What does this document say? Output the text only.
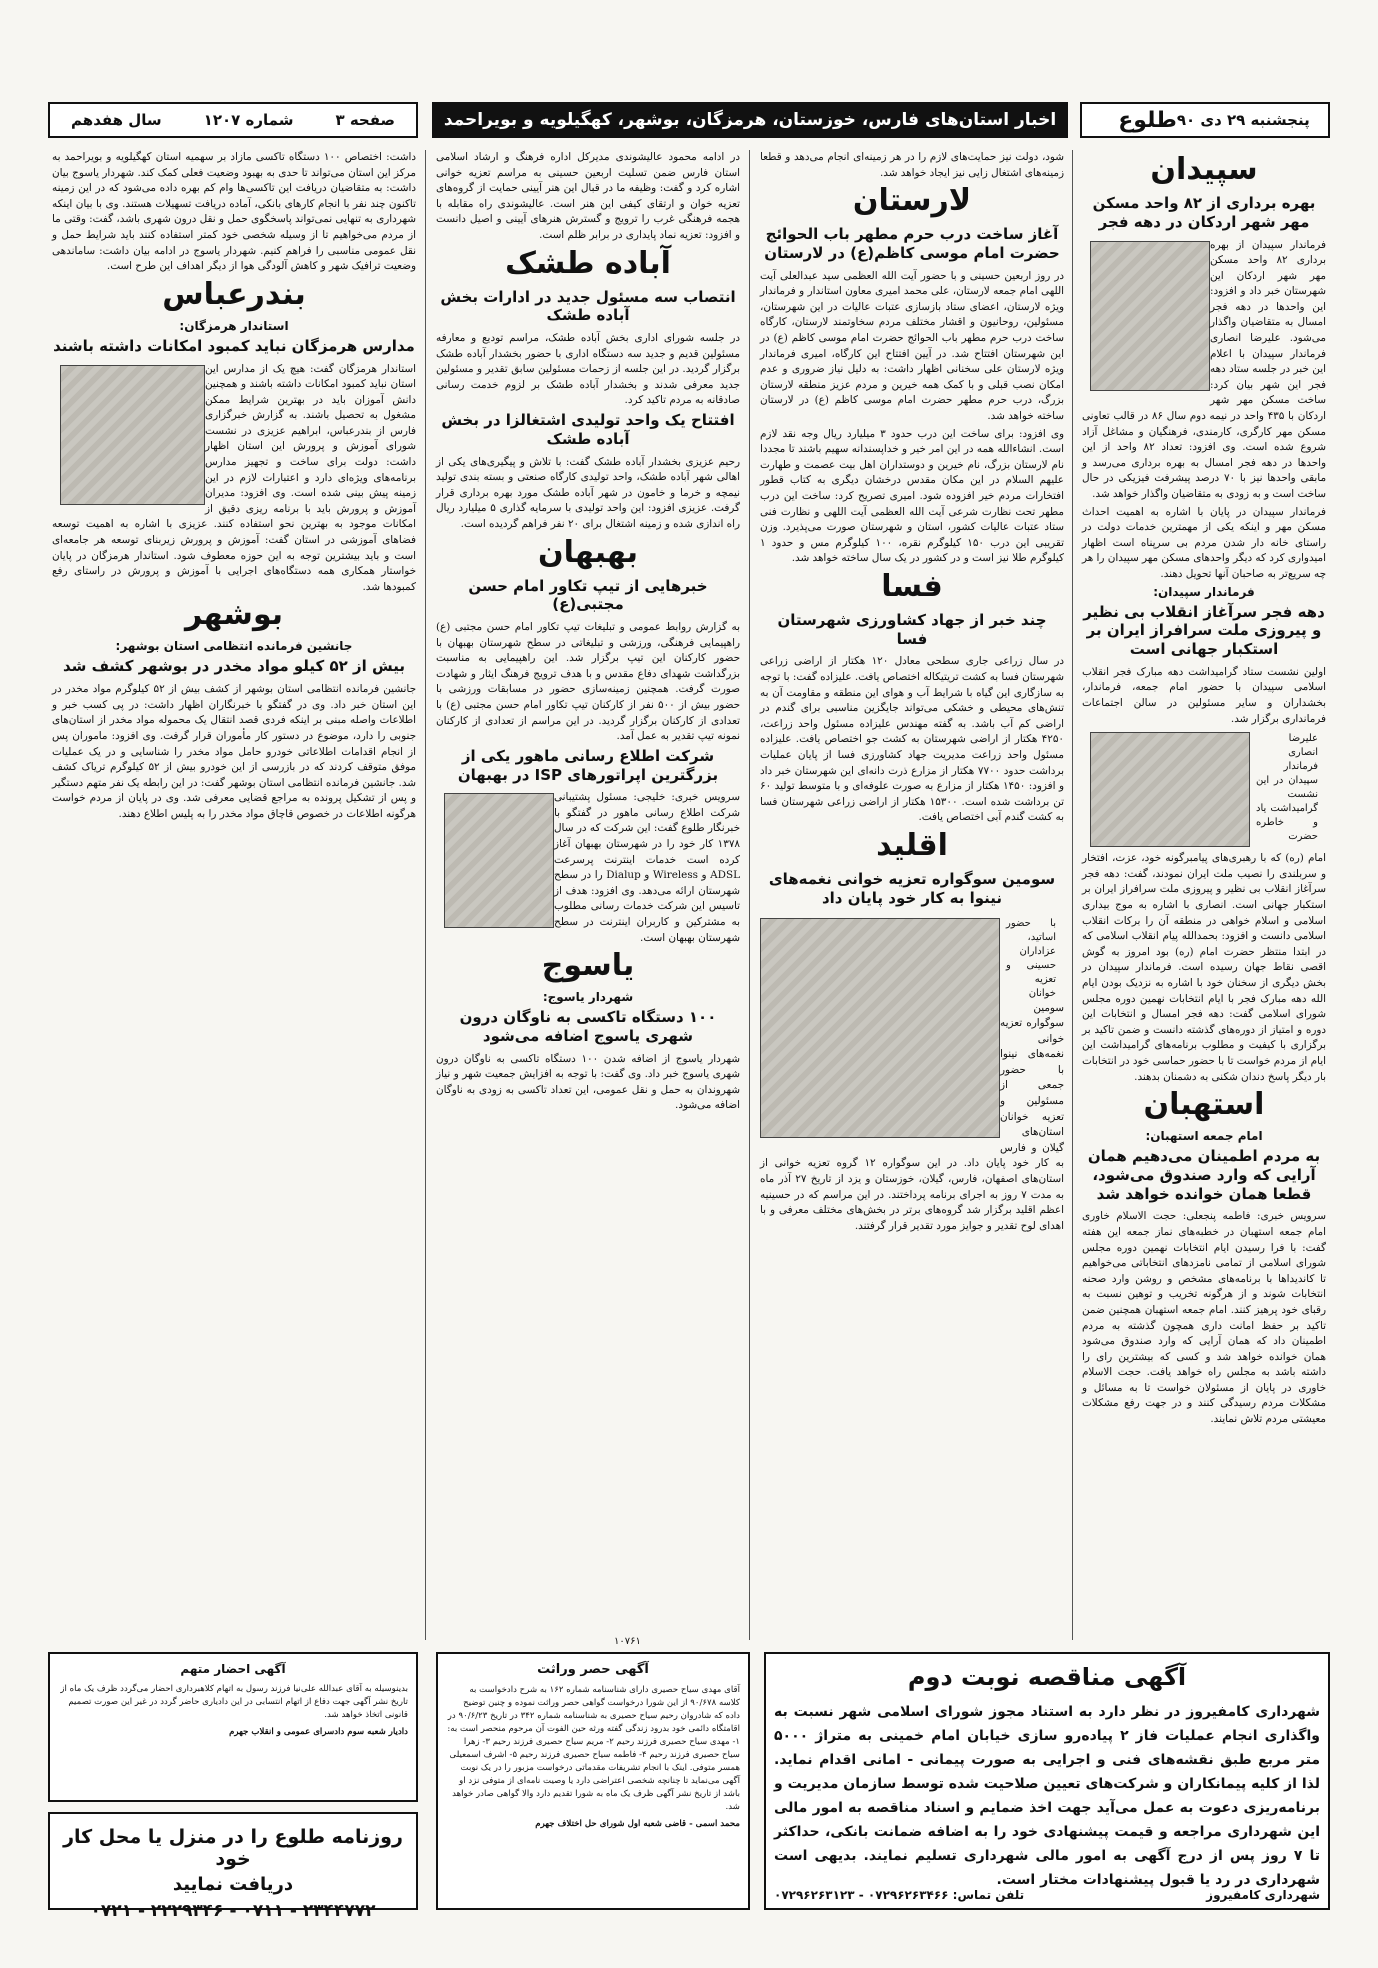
پنجشنبه ۲۹ دی ۹۰
طلوع
اخبار استان‌های فارس، خوزستان، هرمزگان، بوشهر، کهگیلویه و بویراحمد
صفحه ۳
شماره ۱۲۰۷
سال هفدهم
سپیدان
بهره برداری از ۸۲ واحد مسکن مهر شهر اردکان در دهه فجر

فرماندار سپیدان از بهره برداری ۸۲ واحد مسکن مهر شهر اردکان این شهرستان خبر داد و افزود: این واحدها در دهه فجر امسال به متقاضیان واگذار می‌شود. علیرضا انصاری فرماندار سپیدان با اعلام این خبر در جلسه ستاد دهه فجر این شهر بیان کرد: ساخت مسکن مهر شهر اردکان با ۴۳۵ واحد در نیمه دوم سال ۸۶ در قالب تعاونی مسکن مهر کارگری، کارمندی، فرهنگیان و مشاغل آزاد شروع شده است. وی افزود: تعداد ۸۲ واحد از این واحدها در دهه فجر امسال به بهره برداری می‌رسد و مابقی واحدها نیز با ۷۰ درصد پیشرفت فیزیکی در حال ساخت است و به زودی به متقاضیان واگذار خواهد شد.

فرماندار سپیدان در پایان با اشاره به اهمیت احداث مسکن مهر و اینکه یکی از مهمترین خدمات دولت در راستای خانه دار شدن مردم بی سرپناه است اظهار امیدواری کرد که دیگر واحدهای مسکن مهر سپیدان را هر چه سریع‌تر به صاحبان آنها تحویل دهند.

فرماندار سپیدان:
دهه فجر سرآغاز انقلاب بی نظیر و پیروزی ملت سرافراز ایران بر استکبار جهانی است

اولین نشست ستاد گرامیداشت دهه مبارک فجر انقلاب اسلامی سپیدان با حضور امام جمعه، فرماندار، بخشداران و سایر مسئولین در سالن اجتماعات فرمانداری برگزار شد.

علیرضا انصاری فرماندار سپیدان در این نشست گرامیداشت یاد و خاطره حضرت

امام (ره) که با رهبری‌های پیامبرگونه خود، عزت، افتخار و سربلندی را نصیب ملت ایران نمودند، گفت: دهه فجر سرآغاز انقلاب بی نظیر و پیروزی ملت سرافراز ایران بر استکبار جهانی است. انصاری با اشاره به موج بیداری اسلامی و اسلام خواهی در منطقه آن را برکات انقلاب اسلامی دانست و افزود: بحمدالله پیام انقلاب اسلامی که در ابتدا منتظر حضرت امام (ره) بود امروز به گوش اقصی نقاط جهان رسیده است. فرماندار سپیدان در بخش دیگری از سخنان خود با اشاره به نزدیک بودن ایام الله دهه مبارک فجر با ایام انتخابات نهمین دوره مجلس شورای اسلامی گفت: دهه فجر امسال و انتخابات این دوره و امتیاز از دوره‌های گذشته دانست و ضمن تاکید بر برگزاری با کیفیت و مطلوب برنامه‌های گرامیداشت این ایام از مردم خواست تا با حضور حماسی خود در انتخابات بار دیگر پاسخ دندان شکنی به دشمنان بدهند.

استهبان
امام جمعه استهبان:
به مردم اطمینان می‌دهیم همان آرایی که وارد صندوق می‌شود، قطعا همان خوانده خواهد شد

سرویس خبری: فاطمه پنجعلی: حجت الاسلام خاوری امام جمعه استهبان در خطبه‌های نماز جمعه این هفته گفت: با فرا رسیدن ایام انتخابات نهمین دوره مجلس شورای اسلامی از تمامی نامزدهای انتخاباتی می‌خواهیم تا کاندیداها با برنامه‌های مشخص و روشن وارد صحنه انتخابات شوند و از هرگونه تخریب و توهین نسبت به رقبای خود پرهیز کنند. امام جمعه استهبان همچنین ضمن تاکید بر حفظ امانت داری همچون گذشته به مردم اطمینان داد که همان آرایی که وارد صندوق می‌شود همان خوانده خواهد شد و کسی که بیشترین رای را داشته باشد به مجلس راه خواهد یافت. حجت الاسلام خاوری در پایان از مسئولان خواست تا به مسائل و مشکلات مردم رسیدگی کنند و در جهت رفع مشکلات معیشتی مردم تلاش نمایند.

شود، دولت نیز حمایت‌های لازم را در هر زمینه‌ای انجام می‌دهد و قطعا زمینه‌های اشتغال زایی نیز ایجاد خواهد شد.

لارستان
آغاز ساخت درب حرم مطهر باب الحوائج حضرت امام موسی کاظم(ع) در لارستان

در روز اربعین حسینی و با حضور آیت الله العظمی سید عبدالعلی آیت اللهی امام جمعه لارستان، علی محمد امیری معاون استاندار و فرماندار ویژه لارستان، اعضای ستاد بازسازی عتبات عالیات در این شهرستان، مسئولین، روحانیون و اقشار مختلف مردم سخاوتمند لارستان، کارگاه ساخت درب حرم مطهر باب الحوائج حضرت امام موسی کاظم (ع) در این شهرستان افتتاح شد. در آیین افتتاح این کارگاه، امیری فرماندار ویژه لارستان علی سخنانی اظهار داشت: به دلیل نیاز ضروری و عدم امکان نصب قبلی و با کمک همه خیرین و مردم عزیز منطقه لارستان بزرگ، درب حرم مطهر حضرت امام موسی کاظم (ع) در لارستان ساخته خواهد شد.

وی افزود: برای ساخت این درب حدود ۳ میلیارد ریال وجه نقد لازم است. انشاءالله همه در این امر خیر و خداپسندانه سهیم باشند تا مجددا نام لارستان بزرگ، نام خیرین و دوستداران اهل بیت عصمت و طهارت علیهم السلام در این مکان مقدس درخشان دیگری به کتاب قطور افتخارات مردم خیر افزوده شود. امیری تصریح کرد: ساخت این درب مطهر تحت نظارت شرعی آیت الله العظمی آیت اللهی و نظارت فنی ستاد عتبات عالیات کشور، استان و شهرستان صورت می‌پذیرد. وزن تقریبی این درب ۱۵۰ کیلوگرم نقره، ۱۰۰ کیلوگرم مس و حدود ۱ کیلوگرم طلا نیز است و در کشور در یک سال ساخته خواهد شد.

فسا
چند خبر از جهاد کشاورزی شهرستان فسا

در سال زراعی جاری سطحی معادل ۱۲۰ هکتار از اراضی زراعی شهرستان فسا به کشت تریتیکاله اختصاص یافت. علیزاده گفت: با توجه به سازگاری این گیاه با شرایط آب و هوای این منطقه و مقاومت آن به تنش‌های محیطی و خشکی می‌تواند جایگزین مناسبی برای گندم در اراضی کم آب باشد. به گفته مهندس علیزاده مسئول واحد زراعت، ۴۲۵۰ هکتار از اراضی شهرستان به کشت جو اختصاص یافت. علیزاده مسئول واحد زراعت مدیریت جهاد کشاورزی فسا از پایان عملیات برداشت حدود ۷۷۰۰ هکتار از مزارع ذرت دانه‌ای این شهرستان خبر داد و افزود: ۱۴۵۰ هکتار از مزارع به صورت علوفه‌ای و با متوسط تولید ۶۰ تن برداشت شده است. ۱۵۳۰۰ هکتار از اراضی زراعی شهرستان فسا به کشت گندم آبی اختصاص یافت.

اقلید
سومین سوگواره تعزیه خوانی نغمه‌های نینوا به کار خود پایان داد
با حضور اساتید، عزاداران حسینی و تعزیه خوانان

سومین سوگواره تعزیه خوانی نغمه‌های نینوا با حضور جمعی از مسئولین و تعزیه خوانان استان‌های گیلان و فارس به کار خود پایان داد. در این سوگواره ۱۲ گروه تعزیه خوانی از استان‌های اصفهان، فارس، گیلان، خوزستان و یزد از تاریخ ۲۷ آذر ماه به مدت ۷ روز به اجرای برنامه پرداختند. در این مراسم که در حسینیه اعظم اقلید برگزار شد گروه‌های برتر در بخش‌های مختلف معرفی و با اهدای لوح تقدیر و جوایز مورد تقدیر قرار گرفتند.

در ادامه محمود عالیشوندی مدیرکل اداره فرهنگ و ارشاد اسلامی استان فارس ضمن تسلیت اربعین حسینی به مراسم تعزیه خوانی اشاره کرد و گفت: وظیفه ما در قبال این هنر آیینی حمایت از گروه‌های تعزیه خوان و ارتقای کیفی این هنر است. عالیشوندی راه مقابله با هجمه فرهنگی غرب را ترویج و گسترش هنرهای آیینی و اصیل دانست و افزود: تعزیه نماد پایداری در برابر ظلم است.

آباده طشک
انتصاب سه مسئول جدید در ادارات بخش آباده طشک

در جلسه شورای اداری بخش آباده طشک، مراسم تودیع و معارفه مسئولین قدیم و جدید سه دستگاه اداری با حضور بخشدار آباده طشک برگزار گردید. در این جلسه از زحمات مسئولین سابق تقدیر و مسئولین جدید معرفی شدند و بخشدار آباده طشک بر لزوم خدمت رسانی صادقانه به مردم تاکید کرد.

افتتاح یک واحد تولیدی اشتغالزا در بخش آباده طشک

رحیم عزیزی بخشدار آباده طشک گفت: با تلاش و پیگیری‌های یکی از اهالی شهر آباده طشک، واحد تولیدی کارگاه صنعتی و بسته بندی تولید نیمچه و خرما و خامون در شهر آباده طشک مورد بهره برداری قرار گرفت. عزیزی افزود: این واحد تولیدی با سرمایه گذاری ۵ میلیارد ریال راه اندازی شده و زمینه اشتغال برای ۲۰ نفر فراهم گردیده است.

بهبهان
خبرهایی از تیپ تکاور امام حسن مجتبی(ع)

به گزارش روابط عمومی و تبلیغات تیپ تکاور امام حسن مجتبی (ع) راهپیمایی فرهنگی، ورزشی و تبلیغاتی در سطح شهرستان بهبهان با حضور کارکنان این تیپ برگزار شد. این راهپیمایی به مناسبت بزرگداشت شهدای دفاع مقدس و با هدف ترویج فرهنگ ایثار و شهادت صورت گرفت. همچنین زمینه‌سازی حضور در مسابقات ورزشی با حضور بیش از ۵۰۰ نفر از کارکنان تیپ تکاور امام حسن مجتبی (ع) با تعدادی از کارکنان برگزار گردید. در این مراسم از تعدادی از کارکنان نمونه تیپ تقدیر به عمل آمد.

شرکت اطلاع رسانی ماهور یکی از بزرگترین اپراتورهای ISP در بهبهان

سرویس خبری: خلیجی: مسئول پشتیبانی شرکت اطلاع رسانی ماهور در گفتگو با خبرنگار طلوع گفت: این شرکت که در سال ۱۳۷۸ کار خود را در شهرستان بهبهان آغاز کرده است خدمات اینترنت پرسرعت ADSL و Wireless و Dialup را در سطح شهرستان ارائه می‌دهد. وی افزود: هدف از تاسیس این شرکت خدمات رسانی مطلوب به مشترکین و کاربران اینترنت در سطح شهرستان بهبهان است.

یاسوج
شهردار یاسوج:
۱۰۰ دستگاه تاکسی به ناوگان درون شهری یاسوج اضافه می‌شود

شهردار یاسوج از اضافه شدن ۱۰۰ دستگاه تاکسی به ناوگان درون شهری یاسوج خبر داد. وی گفت: با توجه به افزایش جمعیت شهر و نیاز شهروندان به حمل و نقل عمومی، این تعداد تاکسی به زودی به ناوگان اضافه می‌شود.

داشت: اختصاص ۱۰۰ دستگاه تاکسی مازاد بر سهمیه استان کهگیلویه و بویراحمد به مرکز این استان می‌تواند تا حدی به بهبود وضعیت فعلی کمک کند. شهردار یاسوج بیان داشت: به متقاضیان دریافت این تاکسی‌ها وام کم بهره داده می‌شود که در این زمینه تاکنون چند نفر با انجام کارهای بانکی، آماده دریافت تسهیلات هستند. وی با بیان اینکه شهرداری به تنهایی نمی‌تواند پاسخگوی حمل و نقل درون شهری باشد، گفت: وقتی ما از مردم می‌خواهیم تا از وسیله شخصی خود کمتر استفاده کنند باید شرایط حمل و نقل عمومی مناسبی را فراهم کنیم. شهردار یاسوج در ادامه بیان داشت: ساماندهی وضعیت ترافیک شهر و کاهش آلودگی هوا از دیگر اهداف این طرح است.

بندرعباس
استاندار هرمزگان:
مدارس هرمزگان نباید کمبود امکانات داشته باشند

استاندار هرمزگان گفت: هیچ یک از مدارس این استان نباید کمبود امکانات داشته باشند و همچنین دانش آموزان باید در بهترین شرایط ممکن مشغول به تحصیل باشند. به گزارش خبرگزاری فارس از بندرعباس، ابراهیم عزیزی در نشست شورای آموزش و پرورش این استان اظهار داشت: دولت برای ساخت و تجهیز مدارس برنامه‌های ویژه‌ای دارد و اعتبارات لازم در این زمینه پیش بینی شده است. وی افزود: مدیران آموزش و پرورش باید با برنامه ریزی دقیق از امکانات موجود به بهترین نحو استفاده کنند. عزیزی با اشاره به اهمیت توسعه فضاهای آموزشی در استان گفت: آموزش و پرورش زیربنای توسعه هر جامعه‌ای است و باید بیشترین توجه به این حوزه معطوف شود. استاندار هرمزگان در پایان خواستار همکاری همه دستگاه‌های اجرایی با آموزش و پرورش در راستای رفع کمبودها شد.

بوشهر
جانشین فرمانده انتظامی استان بوشهر:
بیش از ۵۲ کیلو مواد مخدر در بوشهر کشف شد

جانشین فرمانده انتظامی استان بوشهر از کشف بیش از ۵۲ کیلوگرم مواد مخدر در این استان خبر داد. وی در گفتگو با خبرنگاران اظهار داشت: در پی کسب خبر و اطلاعات واصله مبنی بر اینکه فردی قصد انتقال یک محموله مواد مخدر از استان‌های جنوبی را دارد، موضوع در دستور کار مأموران قرار گرفت. وی افزود: ماموران پس از انجام اقدامات اطلاعاتی خودرو حامل مواد مخدر را شناسایی و در یک عملیات موفق متوقف کردند که در بازرسی از این خودرو بیش از ۵۲ کیلوگرم تریاک کشف شد. جانشین فرمانده انتظامی استان بوشهر گفت: در این رابطه یک نفر متهم دستگیر و پس از تشکیل پرونده به مراجع قضایی معرفی شد. وی در پایان از مردم خواست هرگونه اطلاعات در خصوص قاچاق مواد مخدر را به پلیس اطلاع دهند.

۱۰۷۶۱
آگهی مناقصه نوبت دوم
شهرداری کامفیروز در نظر دارد به استناد مجوز شورای اسلامی شهر نسبت به واگذاری انجام عملیات فاز ۲ پیاده‌رو سازی خیابان امام خمینی به متراژ ۵۰۰۰ متر مربع طبق نقشه‌های فنی و اجرایی به صورت پیمانی - امانی اقدام نماید. لذا از کلیه پیمانکاران و شرکت‌های تعیین صلاحیت شده توسط سازمان مدیریت و برنامه‌ریزی دعوت به عمل می‌آید جهت اخذ ضمایم و اسناد مناقصه به امور مالی این شهرداری مراجعه و قیمت پیشنهادی خود را به اضافه ضمانت بانکی، حداکثر تا ۷ روز پس از درج آگهی به امور مالی شهرداری تسلیم نمایند. بدیهی است شهرداری در رد یا قبول پیشنهادات مختار است.
شهرداری کامفیروز
تلفن تماس: ۰۷۲۹۶۲۶۳۴۶۶ - ۰۷۲۹۶۲۶۳۱۲۳
آگهی حصر وراثت
آقای مهدی سیاح حصیری دارای شناسنامه شماره ۱۶۲ به شرح دادخواست به کلاسه ۹۰/۶۷۸ از این شورا درخواست گواهی حصر وراثت نموده و چنین توضیح داده که شادروان رحیم سیاح حصیری به شناسنامه شماره ۳۴۲ در تاریخ ۹۰/۶/۲۳ در اقامتگاه دائمی خود بدرود زندگی گفته ورثه حین الفوت آن مرحوم منحصر است به: ۱- مهدی سیاح حصیری فرزند رحیم ۲- مریم سیاح حصیری فرزند رحیم ۳- زهرا سیاح حصیری فرزند رحیم ۴- فاطمه سیاح حصیری فرزند رحیم ۵- اشرف اسمعیلی همسر متوفی. اینک با انجام تشریفات مقدماتی درخواست مزبور را در یک نوبت آگهی می‌نماید تا چنانچه شخصی اعتراضی دارد یا وصیت نامه‌ای از متوفی نزد او باشد از تاریخ نشر آگهی ظرف یک ماه به شورا تقدیم دارد والا گواهی صادر خواهد شد.
محمد اسمی - قاضی شعبه اول شورای حل اختلاف جهرم
آگهی احضار متهم
بدینوسیله به آقای عبدالله علی‌نیا فرزند رسول به اتهام کلاهبرداری احضار می‌گردد ظرف یک ماه از تاریخ نشر آگهی جهت دفاع از اتهام انتسابی در این دادیاری حاضر گردد در غیر این صورت تصمیم قانونی اتخاذ خواهد شد.
دادیار شعبه سوم دادسرای عمومی و انقلاب جهرم
روزنامه طلوع را در منزل یا محل کار خود
دریافت نمایید
۰۷۲۱ - ۲۲۲۹۳۴۶ - ۰۷۱۱ - ۲۳۴۴۷۷۲
